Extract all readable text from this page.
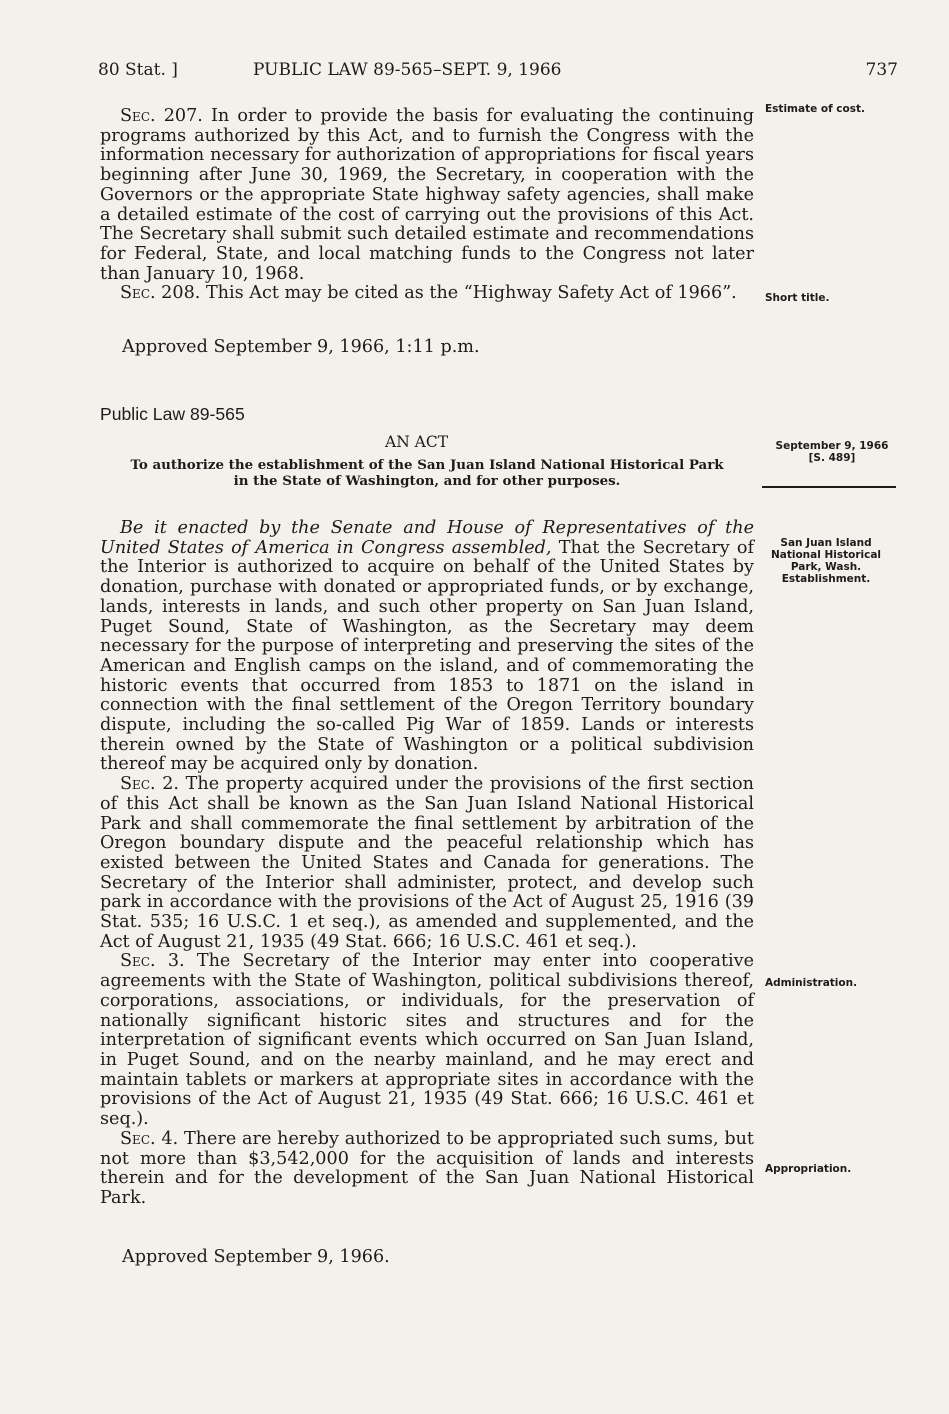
80 Stat. ]	PUBLIC LAW 89-565–SEPT. 9, 1966	737

Sec. 207. In order to provide the basis for evaluating the continuing programs authorized by this Act, and to furnish the Congress with the information necessary for authorization of appropriations for fiscal years beginning after June 30, 1969, the Secretary, in cooperation with the Governors or the appropriate State highway safety agencies, shall make a detailed estimate of the cost of carrying out the provisions of this Act. The Secretary shall submit such detailed estimate and recommendations for Federal, State, and local matching funds to the Congress not later than January 10, 1968.

Sec. 208. This Act may be cited as the “Highway Safety Act of 1966”.

Approved September 9, 1966, 1:11 p.m.
Public Law 89-565
AN ACT
To authorize the establishment of the San Juan Island National Historical Park
in the State of Washington, and for other purposes.

Be it enacted by the Senate and House of Representatives of the United States of America in Congress assembled, That the Secretary of the Interior is authorized to acquire on behalf of the United States by donation, purchase with donated or appropriated funds, or by exchange, lands, interests in lands, and such other property on San Juan Island, Puget Sound, State of Washington, as the Secretary may deem necessary for the purpose of interpreting and preserving the sites of the American and English camps on the island, and of commemorating the historic events that occurred from 1853 to 1871 on the island in connection with the final settlement of the Oregon Territory boundary dispute, including the so-called Pig War of 1859. Lands or interests therein owned by the State of Washington or a political subdivision thereof may be acquired only by donation.

Sec. 2. The property acquired under the provisions of the first section of this Act shall be known as the San Juan Island National Historical Park and shall commemorate the final settlement by arbitration of the Oregon boundary dispute and the peaceful relationship which has existed between the United States and Canada for generations. The Secretary of the Interior shall administer, protect, and develop such park in accordance with the provisions of the Act of August 25, 1916 (39 Stat. 535; 16 U.S.C. 1 et seq.), as amended and supplemented, and the Act of August 21, 1935 (49 Stat. 666; 16 U.S.C. 461 et seq.).

Sec. 3. The Secretary of the Interior may enter into cooperative agreements with the State of Washington, political subdivisions thereof, corporations, associations, or individuals, for the preservation of nationally significant historic sites and structures and for the interpretation of significant events which occurred on San Juan Island, in Puget Sound, and on the nearby mainland, and he may erect and maintain tablets or markers at appropriate sites in accordance with the provisions of the Act of August 21, 1935 (49 Stat. 666; 16 U.S.C. 461 et seq.).

Sec. 4. There are hereby authorized to be appropriated such sums, but not more than $3,542,000 for the acquisition of lands and interests therein and for the development of the San Juan National Historical Park.

Approved September 9, 1966.
Estimate of cost.
Short title.
September 9, 1966
[S. 489]
San Juan Island National Historical Park, Wash. Establishment.
Administration.
Appropriation.
